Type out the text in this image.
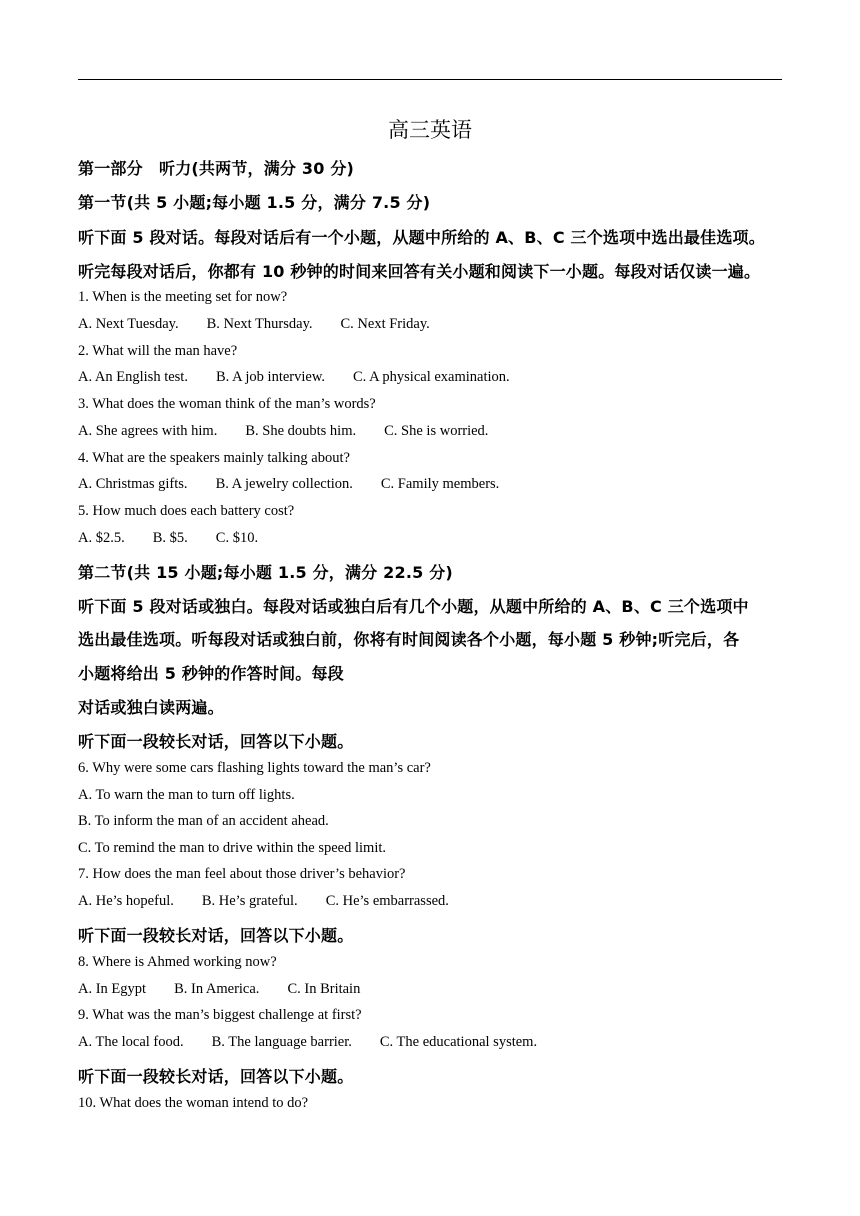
高三英语
第一部分　听力(共两节，满分 30 分)
第一节(共 5 小题;每小题 1.5 分，满分 7.5 分)
听下面 5 段对话。每段对话后有一个小题，从题中所给的 A、B、C 三个选项中选出最佳选项。
听完每段对话后，你都有 10 秒钟的时间来回答有关小题和阅读下一小题。每段对话仅读一遍。
1. When is the meeting set for now?
A. Next Tuesday. B. Next Thursday. C. Next Friday.
2. What will the man have?
A. An English test. B. A job interview. C. A physical examination.
3. What does the woman think of the man’s words?
A. She agrees with him. B. She doubts him. C. She is worried.
4. What are the speakers mainly talking about?
A. Christmas gifts. B. A jewelry collection. C. Family members.
5. How much does each battery cost?
A. $2.5. B. $5. C. $10.
第二节(共 15 小题;每小题 1.5 分，满分 22.5 分)
听下面 5 段对话或独白。每段对话或独白后有几个小题，从题中所给的 A、B、C 三个选项中
选出最佳选项。听每段对话或独白前，你将有时间阅读各个小题，每小题 5 秒钟;听完后，各
小题将给出 5 秒钟的作答时间。每段
对话或独白读两遍。
听下面一段较长对话，回答以下小题。
6. Why were some cars flashing lights toward the man’s car?
A. To warn the man to turn off lights.
B. To inform the man of an accident ahead.
C. To remind the man to drive within the speed limit.
7. How does the man feel about those driver’s behavior?
A. He’s hopeful. B. He’s grateful. C. He’s embarrassed.
听下面一段较长对话，回答以下小题。
8. Where is Ahmed working now?
A. In Egypt B. In America. C. In Britain
9. What was the man’s biggest challenge at first?
A. The local food. B. The language barrier. C. The educational system.
听下面一段较长对话，回答以下小题。
10. What does the woman intend to do?
